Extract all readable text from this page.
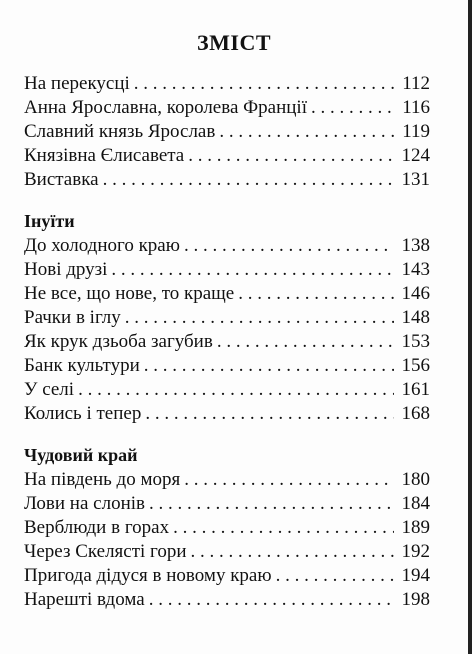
ЗМІСТ
На перекусці . . .	112
Анна Ярославна, королева Франції . . .	116
Славний князь Ярослав . . .	119
Князівна Єлисавета . . .	124
Виставка . . .	131
Інуїти
До холодного краю . . .	138
Нові друзі . . .	143
Не все, що нове, то краще . . .	146
Рачки в іглу . . .	148
Як крук дзьоба загубив . . .	153
Банк культури . . .	156
У селі . . .	161
Колись і тепер . . .	168
Чудовий край
На південь до моря . . .	180
Лови на слонів . . .	184
Верблюди в горах . . .	189
Через Скелясті гори . . .	192
Пригода дідуся в новому краю . . .	194
Нарешті вдома . . .	198
